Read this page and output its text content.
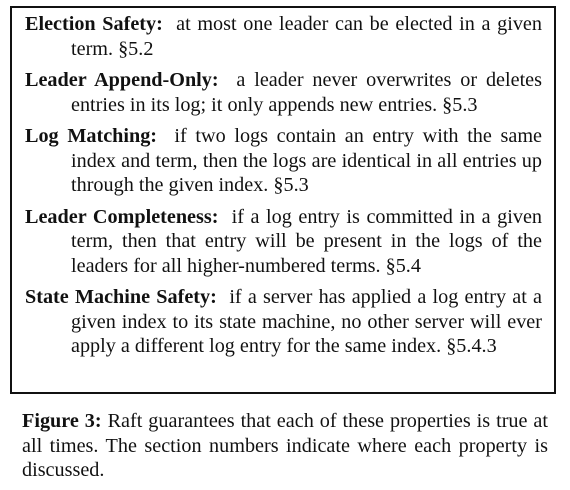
Election Safety: at most one leader can be elected in a given term. §5.2
Leader Append-Only: a leader never overwrites or deletes entries in its log; it only appends new entries. §5.3
Log Matching: if two logs contain an entry with the same index and term, then the logs are identical in all entries up through the given index. §5.3
Leader Completeness: if a log entry is committed in a given term, then that entry will be present in the logs of the leaders for all higher-numbered terms. §5.4
State Machine Safety: if a server has applied a log entry at a given index to its state machine, no other server will ever apply a different log entry for the same index. §5.4.3
Figure 3: Raft guarantees that each of these properties is true at all times. The section numbers indicate where each property is discussed.
